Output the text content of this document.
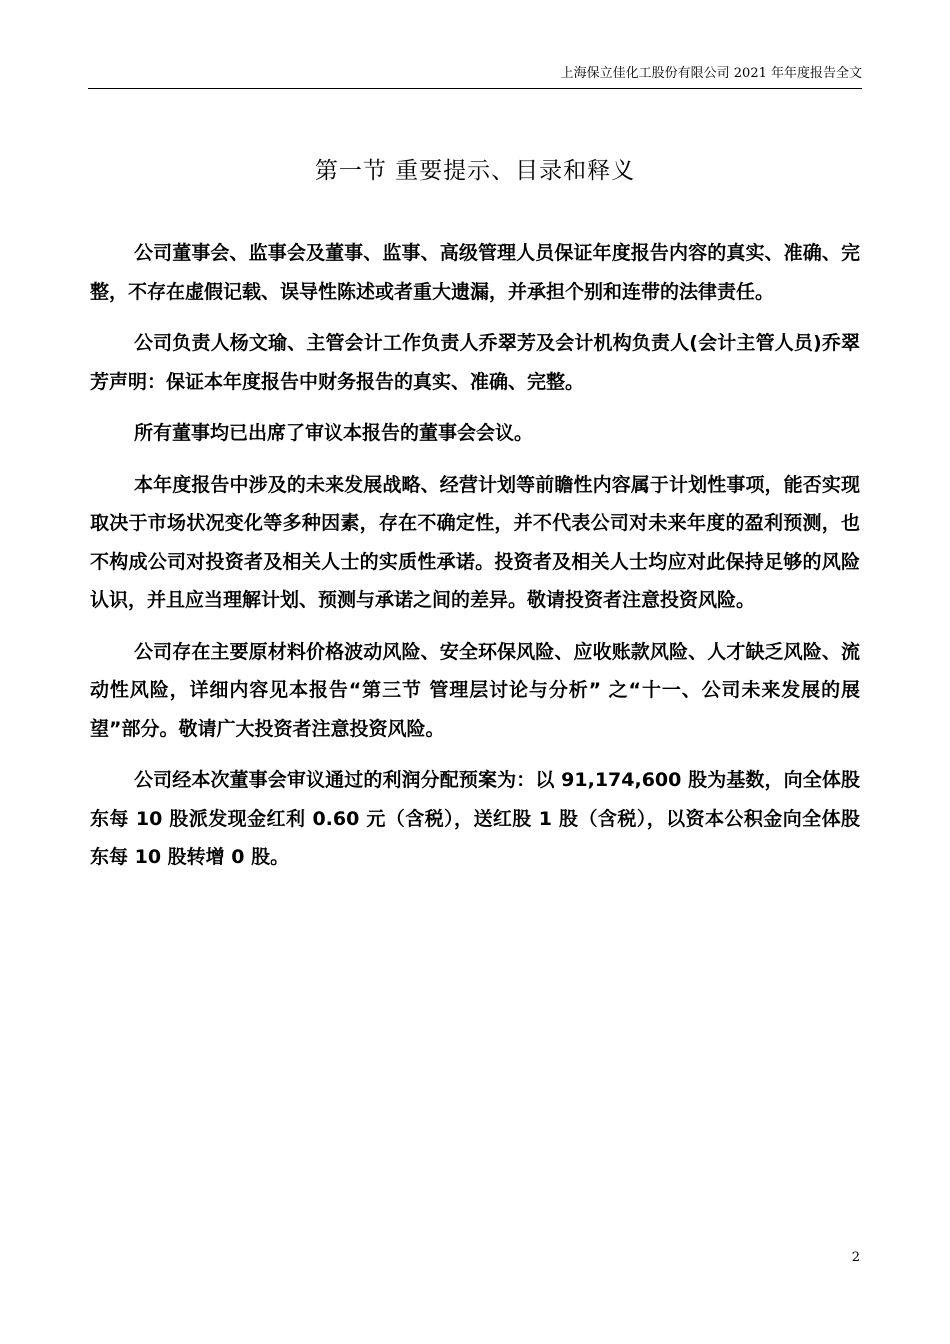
上海保立佳化工股份有限公司 2021 年年度报告全文
第一节 重要提示、目录和释义

公司董事会、监事会及董事、监事、高级管理人员保证年度报告内容的真实、准确、完整，不存在虚假记载、误导性陈述或者重大遗漏，并承担个别和连带的法律责任。

公司负责人杨文瑜、主管会计工作负责人乔翠芳及会计机构负责人(会计主管人员)乔翠芳声明：保证本年度报告中财务报告的真实、准确、完整。

所有董事均已出席了审议本报告的董事会会议。

本年度报告中涉及的未来发展战略、经营计划等前瞻性内容属于计划性事项，能否实现取决于市场状况变化等多种因素，存在不确定性，并不代表公司对未来年度的盈利预测，也不构成公司对投资者及相关人士的实质性承诺。投资者及相关人士均应对此保持足够的风险认识，并且应当理解计划、预测与承诺之间的差异。敬请投资者注意投资风险。

公司存在主要原材料价格波动风险、安全环保风险、应收账款风险、人才缺乏风险、流动性风险，详细内容见本报告“第三节 管理层讨论与分析” 之“十一、公司未来发展的展望”部分。敬请广大投资者注意投资风险。

公司经本次董事会审议通过的利润分配预案为：以 91,174,600 股为基数，向全体股东每 10 股派发现金红利 0.60 元（含税），送红股 1 股（含税），以资本公积金向全体股东每 10 股转增 0 股。

2
